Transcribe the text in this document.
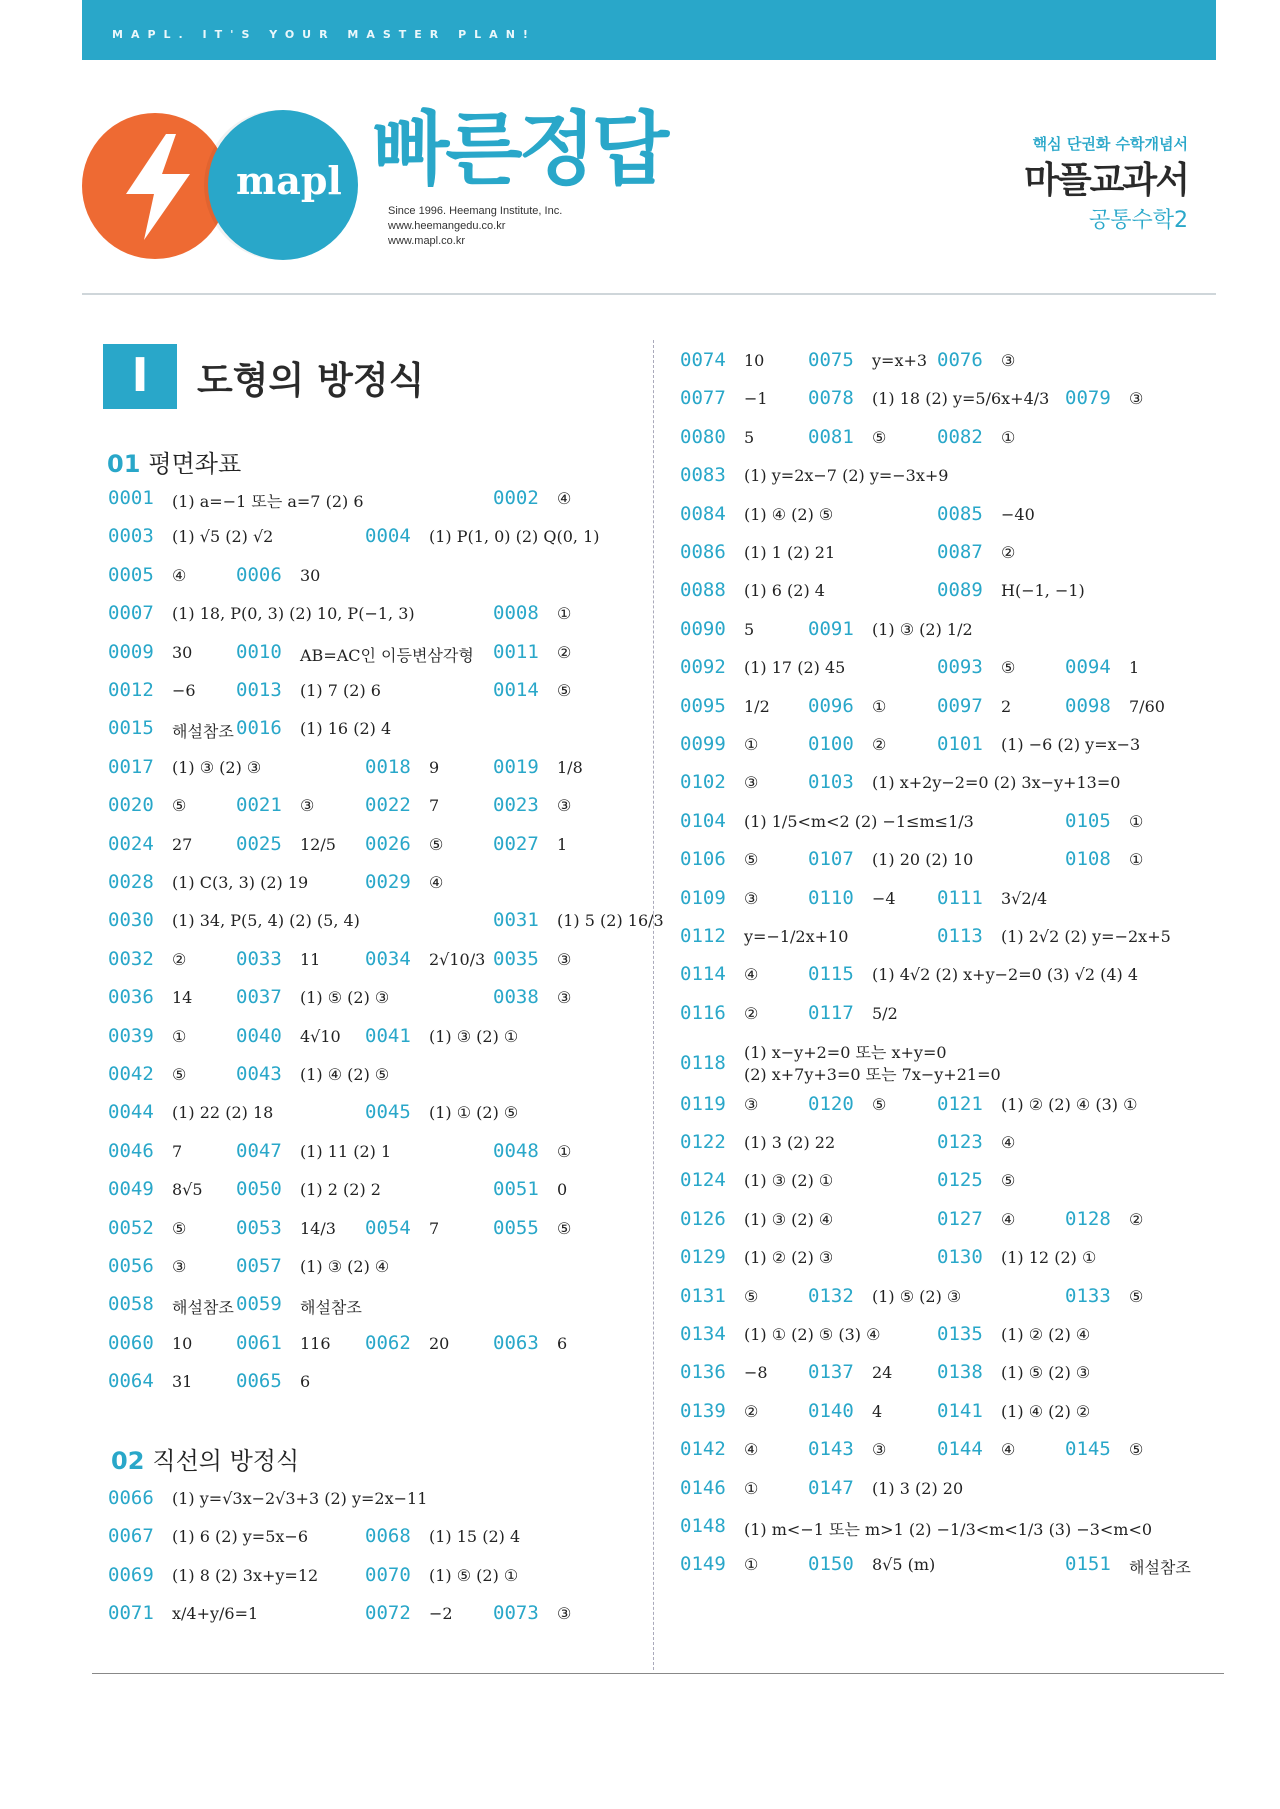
MAPL. IT'S YOUR MASTER PLAN!
mapl 빠른정답
Since 1996. Heemang Institute, Inc.
www.heemangedu.co.kr
www.mapl.co.kr
핵심 단권화 수학개념서
마플교과서
공통수학2
I	도형의 방정식
01 평면좌표
02 직선의 방정식
0001 (1) a=−1 또는 a=7 (2) 6	0002 ④
0003 (1) √5 (2) √2	0004 (1) P(1, 0) (2) Q(0, 1)
0005 ④	0006 30
0007 (1) 18, P(0, 3) (2) 10, P(−1, 3)	0008 ①
0009 30 0010 AB=AC인 이등변삼각형 0011 ②
0012 −6 0013 (1) 7 (2) 6	0014 ⑤
0015 해설참조 0016 (1) 16 (2) 4
0017 (1) ③ (2) ③	0018 9	0019 1/8
0020 ⑤	0021 ③	0022 7	0023 ③
0024 27 0025 12/5 0026 ⑤	0027 1
0028 (1) C(3, 3) (2) 19	0029 ④
0030 (1) 34, P(5, 4) (2) (5, 4)	0031 (1) 5 (2) 16/3
0032 ②	0033 11 0034 2√10/3 0035 ③
0036 14 0037 (1) ⑤ (2) ③	0038 ③
0039 ①	0040 4√10 0041 (1) ③ (2) ①
0042 ⑤	0043 (1) ④ (2) ⑤
0044 (1) 22 (2) 18	0045 (1) ① (2) ⑤
0046 7	0047 (1) 11 (2) 1	0048 ①
0049 8√5 0050 (1) 2 (2) 2	0051 0
0052 ⑤	0053 14/3 0054 7	0055 ⑤
0056 ③	0057 (1) ③ (2) ④
0058 해설참조 0059 해설참조
0060 10 0061 116 0062 20 0063 6
0064 31 0065 6
0066 (1) y=√3x−2√3+3 (2) y=2x−11
0067 (1) 6 (2) y=5x−6	0068 (1) 15 (2) 4
0069 (1) 8 (2) 3x+y=12 0070 (1) ⑤ (2) ①
0071 x/4+y/6=1	0072 −2 0073 ③
0074 10 0075 y=x+3 0076 ③
0077 −1 0078 (1) 18 (2) y=5/6x+4/3 0079 ③
0080 5	0081 ⑤	0082 ①
0083 (1) y=2x−7 (2) y=−3x+9
0084 (1) ④ (2) ⑤	0085 −40
0086 (1) 1 (2) 21	0087 ②
0088 (1) 6 (2) 4	0089 H(−1, −1)
0090 5	0091 (1) ③ (2) 1/2
0092 (1) 17 (2) 45	0093 ⑤	0094 1
0095 1/2 0096 ①	0097 2	0098 7/60
0099 ①	0100 ②	0101 (1) −6 (2) y=x−3
0102 ③	0103 (1) x+2y−2=0 (2) 3x−y+13=0
0104 (1) 1/5<m<2 (2) −1≤m≤1/3	0105 ①
0106 ⑤	0107 (1) 20 (2) 10	0108 ①
0109 ③	0110 −4 0111 3√2/4
0112 y=−1/2x+10	0113 (1) 2√2 (2) y=−2x+5
0114 ④	0115 (1) 4√2 (2) x+y−2=0 (3) √2 (4) 4
0116 ②	0117 5/2
0118 (1) x−y+2=0 또는 x+y=0
(2) x+7y+3=0 또는 7x−y+21=0
0119 ③	0120 ⑤	0121 (1) ② (2) ④ (3) ①
0122 (1) 3 (2) 22	0123 ④
0124 (1) ③ (2) ①	0125 ⑤
0126 (1) ③ (2) ④	0127 ④	0128 ②
0129 (1) ② (2) ③	0130 (1) 12 (2) ①
0131 ⑤	0132 (1) ⑤ (2) ③	0133 ⑤
0134 (1) ① (2) ⑤ (3) ④	0135 (1) ② (2) ④
0136 −8 0137 24 0138 (1) ⑤ (2) ③
0139 ②	0140 4	0141 (1) ④ (2) ②
0142 ④	0143 ③	0144 ④	0145 ⑤
0146 ①	0147 (1) 3 (2) 20
0148 (1) m<−1 또는 m>1 (2) −1/3<m<1/3 (3) −3<m<0
0149 ①	0150 8√5 (m)	0151 해설참조
